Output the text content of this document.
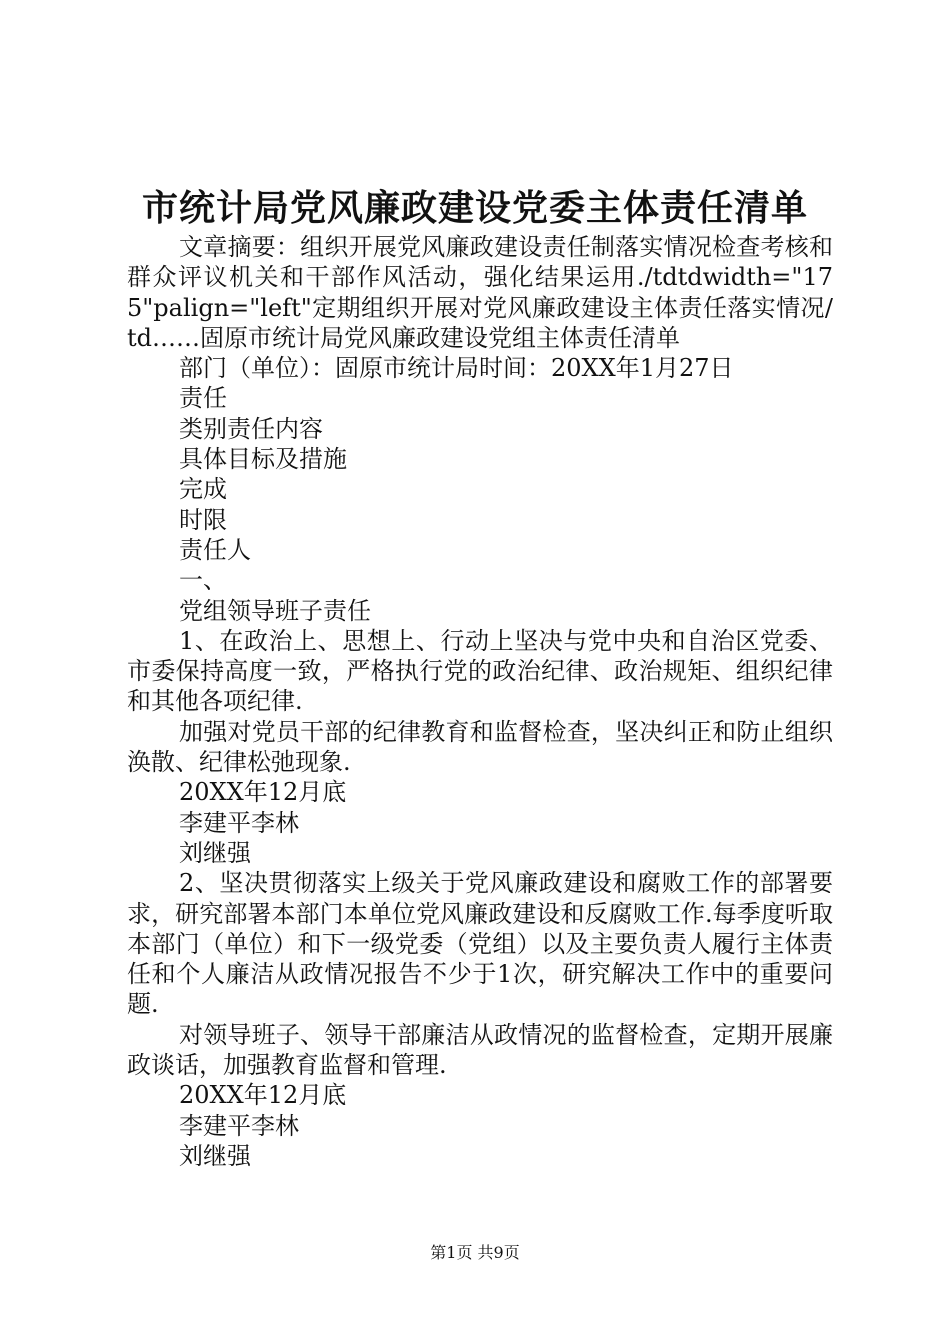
市统计局党风廉政建设党委主体责任清单

文章摘要：组织开展党风廉政建设责任制落实情况检查考核和群众评议机关和干部作风活动，强化结果运用./tdtdwidth="175"palign="left"定期组织开展对党风廉政建设主体责任落实情况/td……固原市统计局党风廉政建设党组主体责任清单

部门（单位）：固原市统计局时间：20XX年1月27日

责任

类别责任内容

具体目标及措施

完成

时限

责任人

一、

党组领导班子责任

1、在政治上、思想上、行动上坚决与党中央和自治区党委、市委保持高度一致，严格执行党的政治纪律、政治规矩、组织纪律和其他各项纪律.

加强对党员干部的纪律教育和监督检查，坚决纠正和防止组织涣散、纪律松弛现象.

20XX年12月底

李建平李林

刘继强

2、坚决贯彻落实上级关于党风廉政建设和腐败工作的部署要求，研究部署本部门本单位党风廉政建设和反腐败工作.每季度听取本部门（单位）和下一级党委（党组）以及主要负责人履行主体责任和个人廉洁从政情况报告不少于1次，研究解决工作中的重要问题.

对领导班子、领导干部廉洁从政情况的监督检查，定期开展廉政谈话，加强教育监督和管理.

20XX年12月底

李建平李林

刘继强

第1页 共9页
